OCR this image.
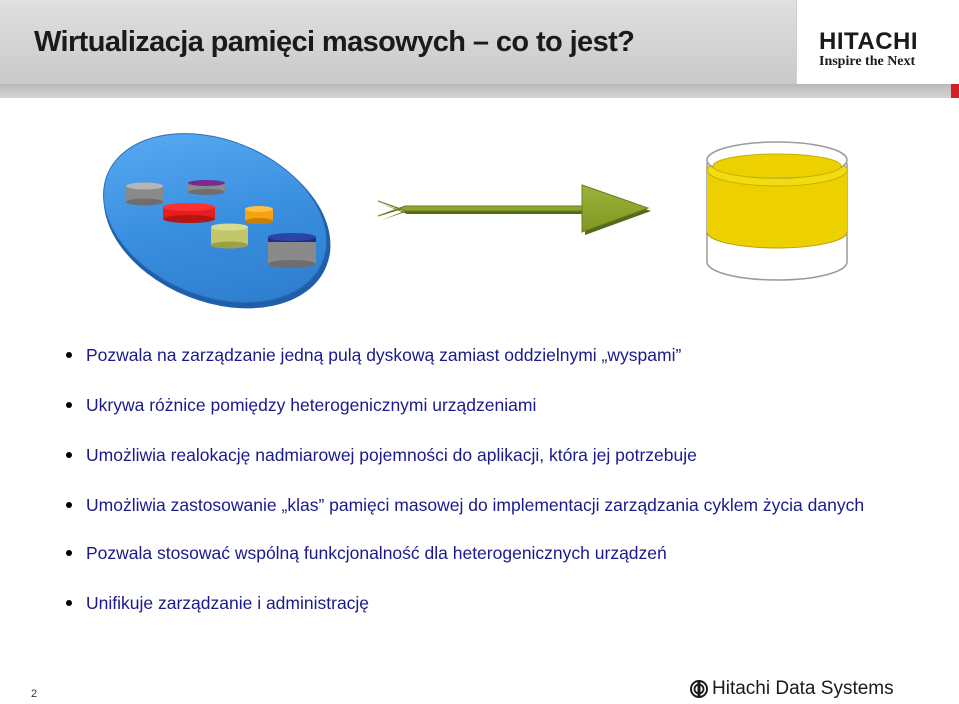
Wirtualizacja pamięci masowych – co to jest?	HITACHI
Inspire the Next
Pozwala na zarządzanie jedną pulą dyskową zamiast oddzielnymi „wyspami”
Ukrywa różnice pomiędzy heterogenicznymi urządzeniami
Umożliwia realokację nadmiarowej pojemności do aplikacji, która jej potrzebuje
Umożliwia zastosowanie „klas” pamięci masowej do implementacji zarządzania cyklem życia danych
Pozwala stosować wspólną funkcjonalność dla heterogenicznych urządzeń
Unifikuje zarządzanie i administrację
2	Hitachi Data Systems
